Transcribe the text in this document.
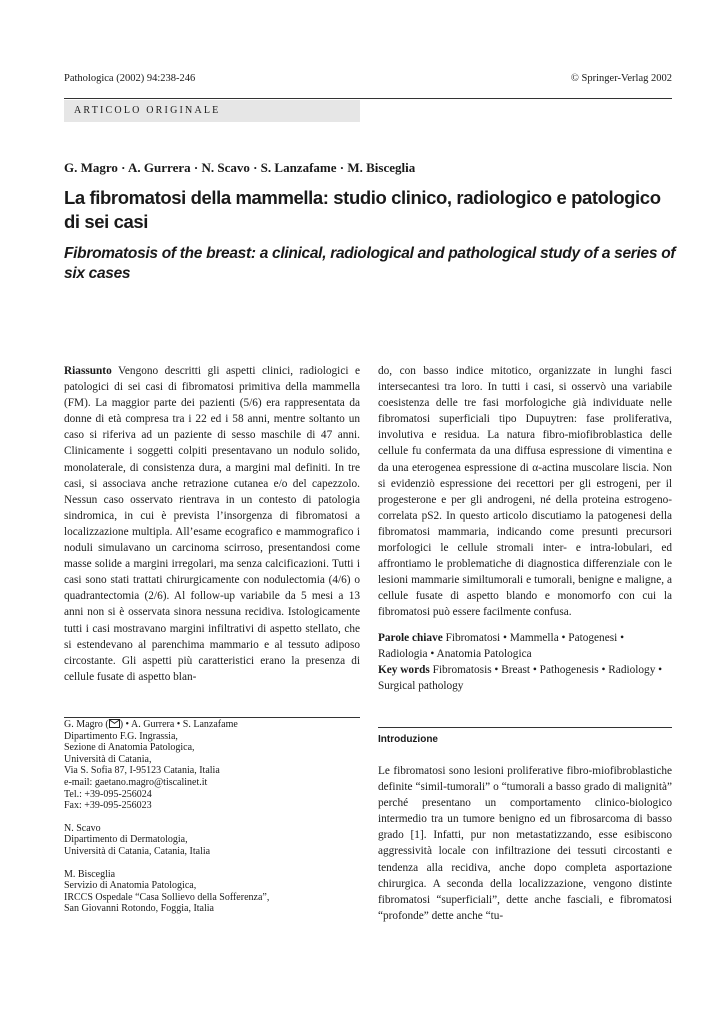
Pathologica (2002) 94:238-246	© Springer-Verlag 2002
ARTICOLO ORIGINALE
G. Magro · A. Gurrera · N. Scavo · S. Lanzafame · M. Bisceglia
La fibromatosi della mammella: studio clinico, radiologico e patologico di sei casi
Fibromatosis of the breast: a clinical, radiological and pathological study of a series of six cases
Riassunto Vengono descritti gli aspetti clinici, radiologici e patologici di sei casi di fibromatosi primitiva della mammella (FM). La maggior parte dei pazienti (5/6) era rappresentata da donne di età compresa tra i 22 ed i 58 anni, mentre soltanto un caso si riferiva ad un paziente di sesso maschile di 47 anni. Clinicamente i soggetti colpiti presentavano un nodulo solido, monolaterale, di consistenza dura, a margini mal definiti. In tre casi, si associava anche retrazione cutanea e/o del capezzolo. Nessun caso osservato rientrava in un contesto di patologia sindromica, in cui è prevista l’insorgenza di fibromatosi a localizzazione multipla. All’esame ecografico e mammografico i noduli simulavano un carcinoma scirroso, presentandosi come masse solide a margini irregolari, ma senza calcificazioni. Tutti i casi sono stati trattati chirurgicamente con nodulectomia (4/6) o quadrantectomia (2/6). Al follow-up variabile da 5 mesi a 13 anni non si è osservata sinora nessuna recidiva. Istologicamente tutti i casi mostravano margini infiltrativi di aspetto stellato, che si estendevano al parenchima mammario e al tessuto adiposo circostante. Gli aspetti più caratteristici erano la presenza di cellule fusate di aspetto blan-
do, con basso indice mitotico, organizzate in lunghi fasci intersecantesi tra loro. In tutti i casi, si osservò una variabile coesistenza delle tre fasi morfologiche già individuate nelle fibromatosi superficiali tipo Dupuytren: fase proliferativa, involutiva e residua. La natura fibro-miofibroblastica delle cellule fu confermata da una diffusa espressione di vimentina e da una eterogenea espressione di α-actina muscolare liscia. Non si evidenziò espressione dei recettori per gli estrogeni, per il progesterone e per gli androgeni, né della proteina estrogeno-correlata pS2. In questo articolo discutiamo la patogenesi della fibromatosi mammaria, indicando come presunti precursori morfologici le cellule stromali inter- e intra-lobulari, ed affrontiamo le problematiche di diagnostica differenziale con le lesioni mammarie similtumorali e tumorali, benigne e maligne, a cellule fusate di aspetto blando e monomorfo con cui la fibromatosi può essere facilmente confusa.
Parole chiave Fibromatosi • Mammella • Patogenesi • Radiologia • Anatomia Patologica
Key words Fibromatosis • Breast • Pathogenesis • Radiology • Surgical pathology

G. Magro ( ) • A. Gurrera • S. Lanzafame
Dipartimento F.G. Ingrassia,
Sezione di Anatomia Patologica,
Università di Catania,
Via S. Sofia 87, I-95123 Catania, Italia
e-mail: gaetano.magro@tiscalinet.it
Tel.: +39-095-256024
Fax: +39-095-256023

N. Scavo
Dipartimento di Dermatologia,
Università di Catania, Catania, Italia

M. Bisceglia
Servizio di Anatomia Patologica,
IRCCS Ospedale “Casa Sollievo della Sofferenza”,
San Giovanni Rotondo, Foggia, Italia

Introduzione
Le fibromatosi sono lesioni proliferative fibro-miofibroblastiche definite “simil-tumorali” o “tumorali a basso grado di malignità” perché presentano un comportamento clinico-biologico intermedio tra un tumore benigno ed un fibrosarcoma di basso grado [1]. Infatti, pur non metastatizzando, esse esibiscono aggressività locale con infiltrazione dei tessuti circostanti e tendenza alla recidiva, anche dopo completa asportazione chirurgica. A seconda della localizzazione, vengono distinte fibromatosi “superficiali”, dette anche fasciali, e fibromatosi “profonde” dette anche “tu-
